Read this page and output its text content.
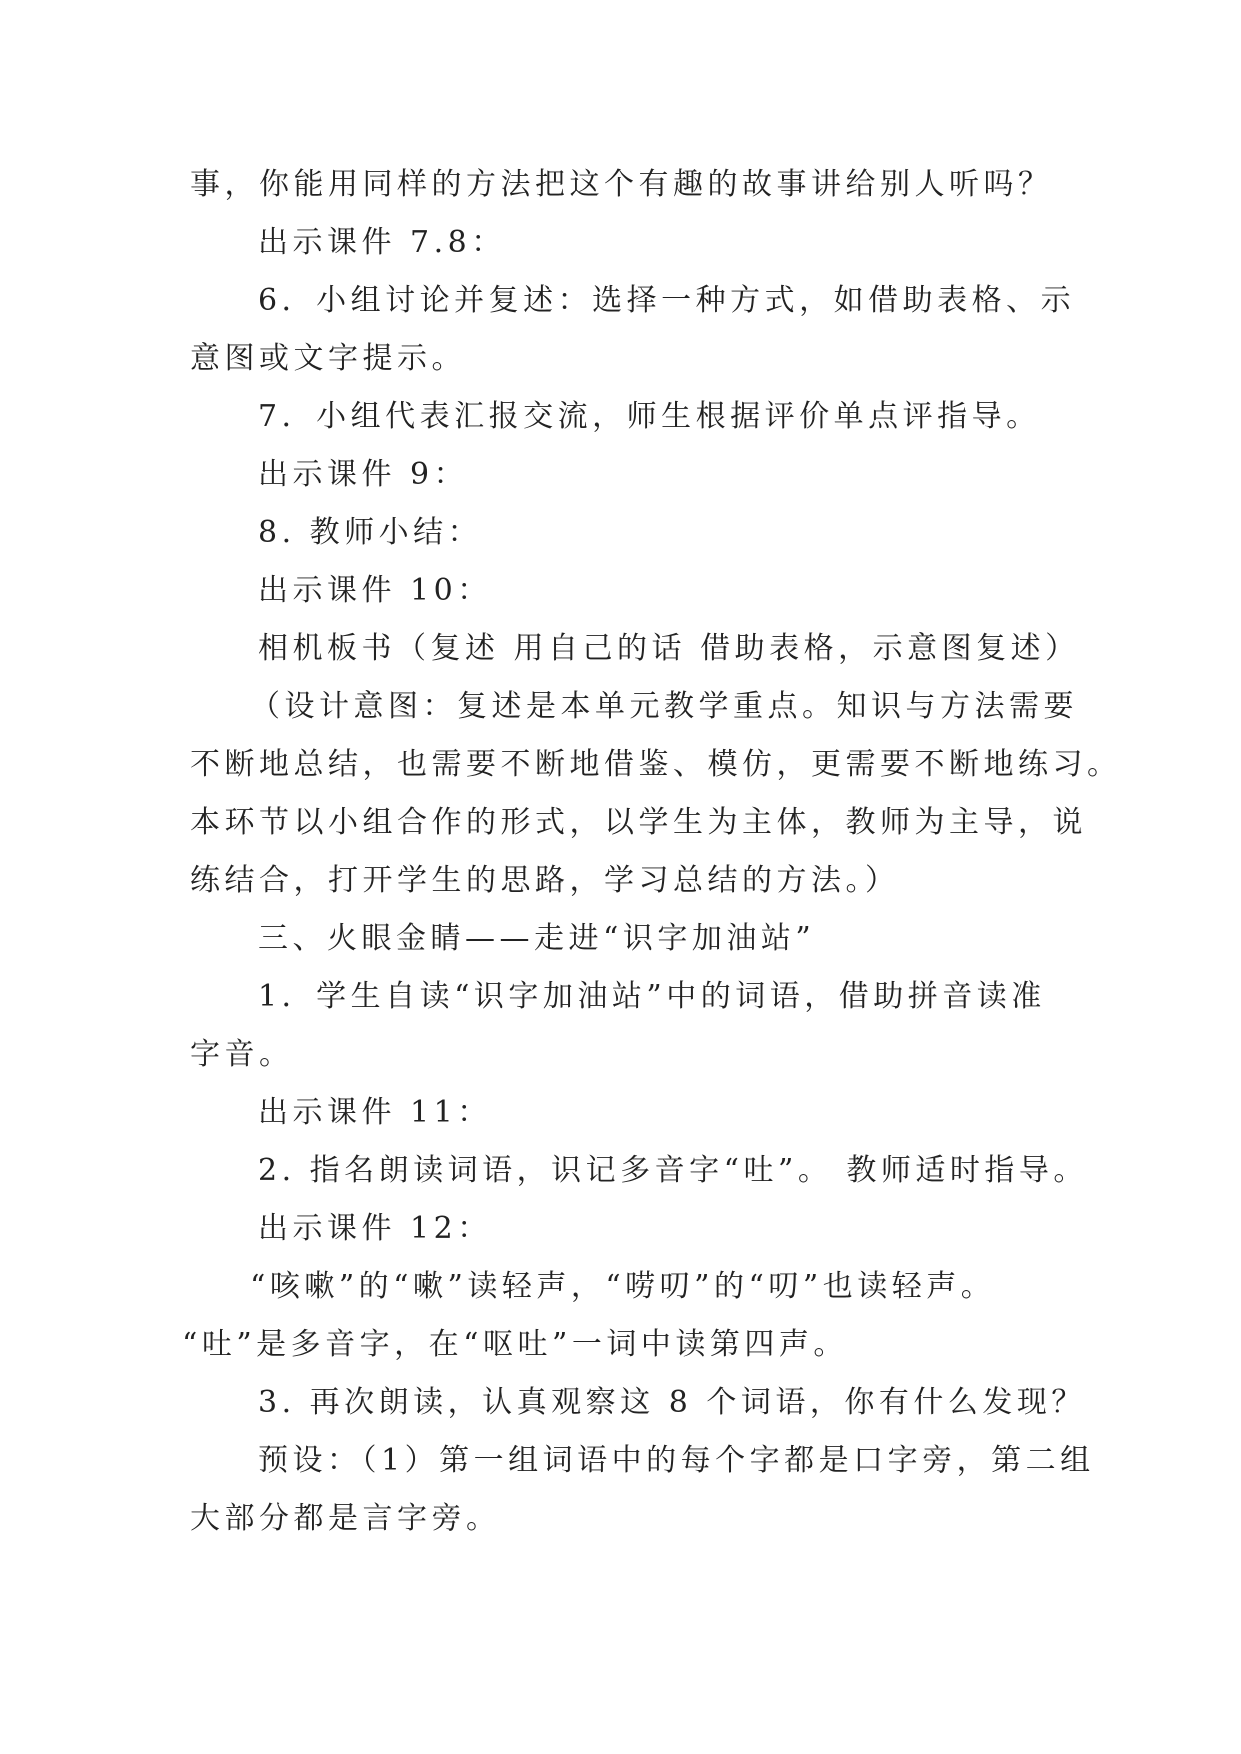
事，你能用同样的方法把这个有趣的故事讲给别人听吗？
出示课件 7.8：
6．小组讨论并复述：选择一种方式，如借助表格、示
意图或文字提示。
7．小组代表汇报交流，师生根据评价单点评指导。
出示课件 9：
8. 教师小结：
出示课件 10：
相机板书（复述 用自己的话 借助表格，示意图复述）
（设计意图：复述是本单元教学重点。知识与方法需要
不断地总结，也需要不断地借鉴、模仿，更需要不断地练习。
本环节以小组合作的形式，以学生为主体，教师为主导，说
练结合，打开学生的思路，学习总结的方法。）
三、火眼金睛——走进“识字加油站”
1．学生自读“识字加油站”中的词语，借助拼音读准
字音。
出示课件 11：
2. 指名朗读词语，识记多音字“吐”。 教师适时指导。
出示课件 12：
“咳嗽”的“嗽”读轻声，“唠叨”的“叨”也读轻声。
“吐”是多音字，在“呕吐”一词中读第四声。
3. 再次朗读，认真观察这 8 个词语，你有什么发现？
预设：（1）第一组词语中的每个字都是口字旁，第二组
大部分都是言字旁。
